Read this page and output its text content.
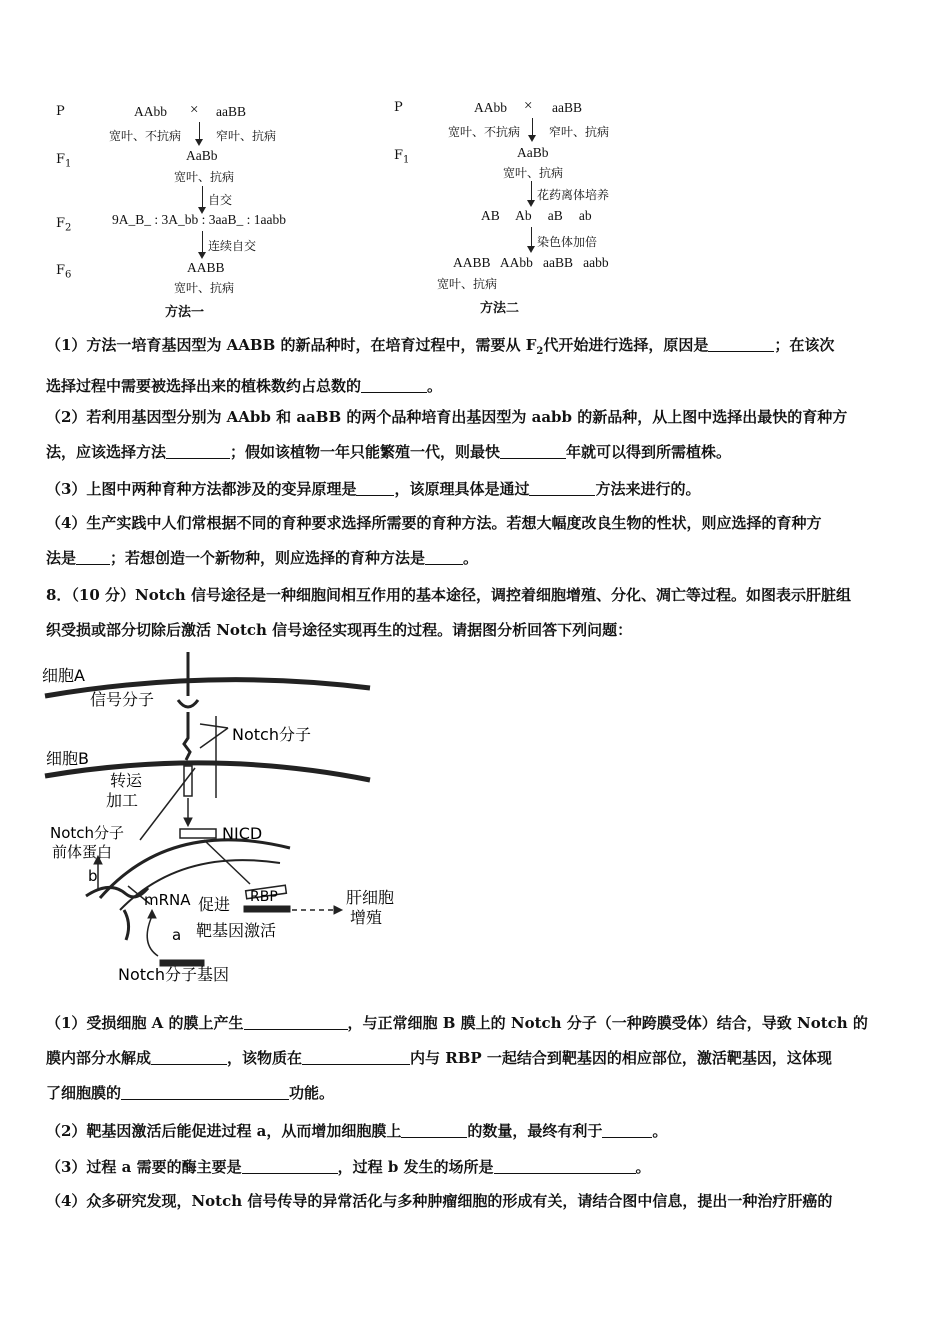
P	AAbb × aaBB
宽叶、不抗病	窄叶、抗病
$F_1$
AaBb
宽叶、抗病
自交
$F_2$
9A_B_ : 3A_bb : 3aaB_ : 1aabb
连续自交
$F_6$
AABB
宽叶、抗病
方法一
P	AAbb × aaBB
宽叶、不抗病 窄叶、抗病
$F_1$
AaBb
宽叶、抗病
花药离体培养
AB   Ab   aB   ab
染色体加倍
AABB   AAbb   aaBB   aabb
宽叶、抗病
方法二
（1）方法一培育基因型为 AABB 的新品种时，在培育过程中，需要从 $F_2$代开始进行选择，原因是	；在该次
选择过程中需要被选择出来的植株数约占总数的	。
（2）若利用基因型分别为 AAbb 和 aaBB 的两个品种培育出基因型为 aabb 的新品种，从上图中选择出最快的育种方
法，应该选择方法	；假如该植物一年只能繁殖一代，则最快	年就可以得到所需植株。
（3）上图中两种育种方法都涉及的变异原理是	，该原理具体是通过	方法来进行的。
（4）生产实践中人们常根据不同的育种要求选择所需要的育种方法。若想大幅度改良生物的性状，则应选择的育种方
法是 ；若想创造一个新物种，则应选择的育种方法是	。
8．（10 分）Notch 信号途径是一种细胞间相互作用的基本途径，调控着细胞增殖、分化、凋亡等过程。如图表示肝脏组
织受损或部分切除后激活 Notch 信号途径实现再生的过程。请据图分析回答下列问题：
细胞A
信号分子
Notch分子
细胞B
转运
加工
Notch分子
前体蛋白
NICD
b
mRNA 促进 RBP	肝细胞
增殖
a 靶基因激活
Notch分子基因
（1）受损细胞 A 的膜上产生	，与正常细胞 B 膜上的 Notch 分子（一种跨膜受体）结合，导致 Notch 的
膜内部分水解成	，该物质在	内与 RBP 一起结合到靶基因的相应部位，激活靶基因，这体现
了细胞膜的	功能。
（2）靶基因激活后能促进过程 a，从而增加细胞膜上	的数量，最终有利于	。
（3）过程 a 需要的酶主要是	，过程 b 发生的场所是	。
（4）众多研究发现，Notch 信号传导的异常活化与多种肿瘤细胞的形成有关，请结合图中信息，提出一种治疗肝癌的
